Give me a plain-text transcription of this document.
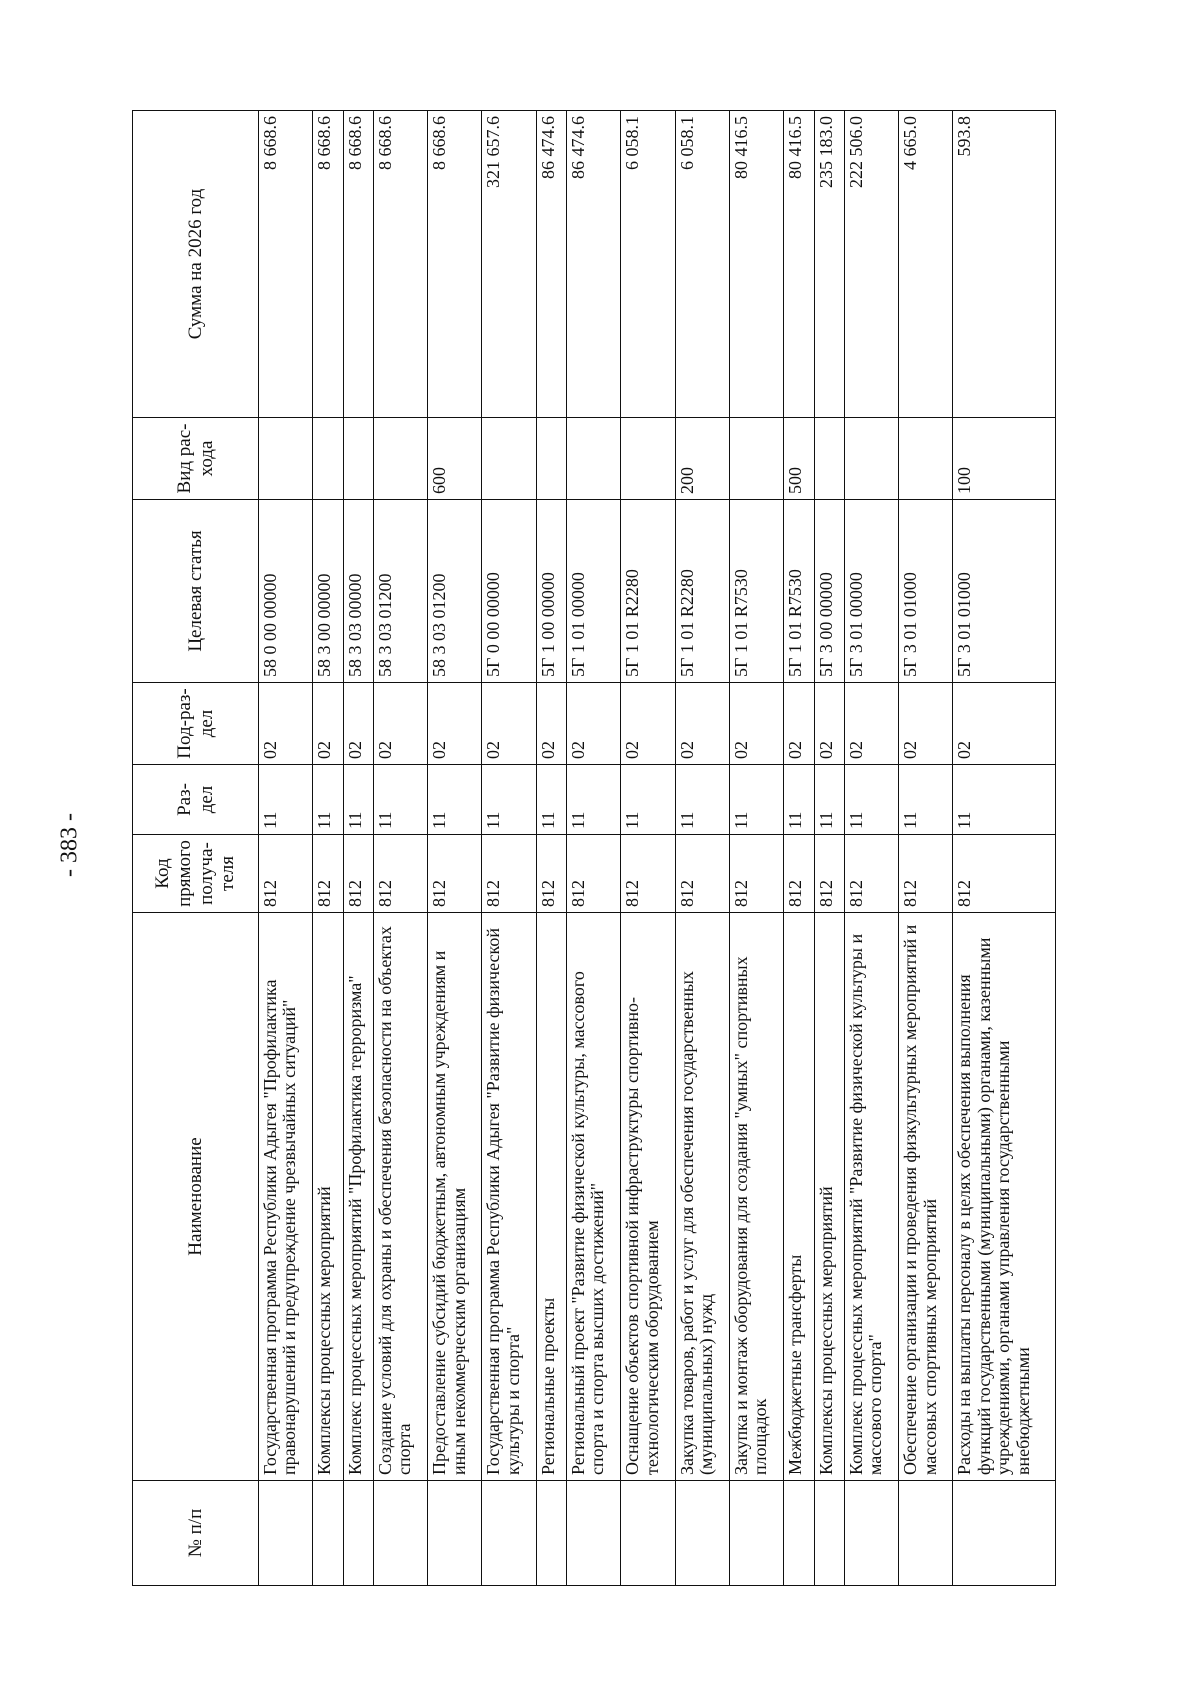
- 383 -
№ п/п	Наименование	Код прямого получа-теля	Раз-дел	Под-раз-дел	Целевая статья	Вид рас-хода	Сумма на 2026 год
	Государственная программа Республики Адыгея "Профилактика правонарушений и предупреждение чрезвычайных ситуаций"	812	11	02	58 0 00 00000		8 668.6
	Комплексы процессных мероприятий	812	11	02	58 3 00 00000		8 668.6
	Комплекс процессных мероприятий "Профилактика терроризма"	812	11	02	58 3 03 00000		8 668.6
	Создание условий для охраны и обеспечения безопасности на объектах спорта	812	11	02	58 3 03 01200		8 668.6
	Предоставление субсидий бюджетным, автономным учреждениям и иным некоммерческим организациям	812	11	02	58 3 03 01200	600	8 668.6
	Государственная программа Республики Адыгея "Развитие физической культуры и спорта"	812	11	02	5Г 0 00 00000		321 657.6
	Региональные проекты	812	11	02	5Г 1 00 00000		86 474.6
	Региональный проект "Развитие физической культуры, массового спорта и спорта высших достижений"	812	11	02	5Г 1 01 00000		86 474.6
	Оснащение объектов спортивной инфраструктуры спортивно-технологическим оборудованием	812	11	02	5Г 1 01 R2280		6 058.1
	Закупка товаров, работ и услуг для обеспечения государственных (муниципальных) нужд	812	11	02	5Г 1 01 R2280	200	6 058.1
	Закупка и монтаж оборудования для создания "умных" спортивных площадок	812	11	02	5Г 1 01 R7530		80 416.5
	Межбюджетные трансферты	812	11	02	5Г 1 01 R7530	500	80 416.5
	Комплексы процессных мероприятий	812	11	02	5Г 3 00 00000		235 183.0
	Комплекс процессных мероприятий "Развитие физической культуры и массового спорта"	812	11	02	5Г 3 01 00000		222 506.0
	Обеспечение организации и проведения физкультурных мероприятий и массовых спортивных мероприятий	812	11	02	5Г 3 01 01000		4 665.0
	Расходы на выплаты персоналу в целях обеспечения выполнения функций государственными (муниципальными) органами, казенными учреждениями, органами управления государственными внебюджетными	812	11	02	5Г 3 01 01000	100	593.8
